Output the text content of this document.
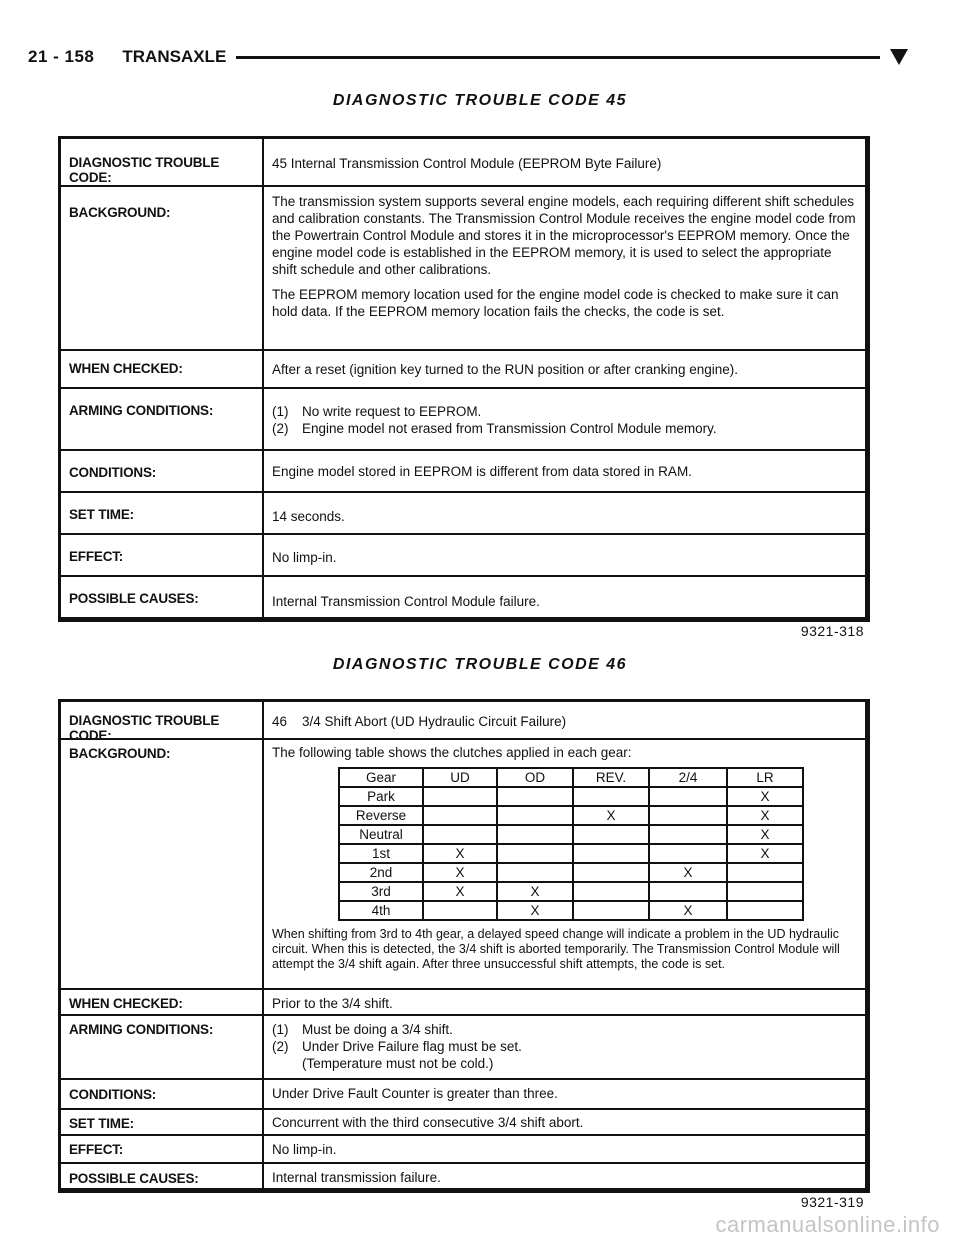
21 - 158 TRANSAXLE
DIAGNOSTIC TROUBLE CODE 45
DIAGNOSTIC TROUBLE CODE:
45 Internal Transmission Control Module (EEPROM Byte Failure)
BACKGROUND:

The transmission system supports several engine models, each requiring different shift schedules and calibration constants. The Transmission Control Module receives the engine model code from the Powertrain Control Module and stores it in the microprocessor's EEPROM memory. Once the engine model code is established in the EEPROM memory, it is used to select the appropriate shift schedule and other calibrations.

The EEPROM memory location used for the engine model code is checked to make sure it can hold data. If the EEPROM memory location fails the checks, the code is set.

WHEN CHECKED:	After a reset (ignition key turned to the RUN position or after cranking engine).
ARMING CONDITIONS:	(1)	No write request to EEPROM.
(2)	Engine model not erased from Transmission Control Module memory.
CONDITIONS:	Engine model stored in EEPROM is different from data stored in RAM.
SET TIME:	14 seconds.
EFFECT:	No limp-in.
POSSIBLE CAUSES:	Internal Transmission Control Module failure.
9321-318
DIAGNOSTIC TROUBLE CODE 46
DIAGNOSTIC TROUBLE CODE:
46    3/4 Shift Abort (UD Hydraulic Circuit Failure)
BACKGROUND:	The following table shows the clutches applied in each gear:
Gear	UD	OD	REV.	2/4	LR
Park					X
Reverse			X		X
Neutral					X
1st	X				X
2nd	X			X	
3rd	X	X			
4th		X		X	
When shifting from 3rd to 4th gear, a delayed speed change will indicate a problem in the UD hydraulic circuit. When this is detected, the 3/4 shift is aborted temporarily. The Transmission Control Module will attempt the 3/4 shift again. After three unsuccessful shift attempts, the code is set.
WHEN CHECKED:	Prior to the 3/4 shift.
ARMING CONDITIONS:	(1)	Must be doing a 3/4 shift.
(2)	Under Drive Failure flag must be set.
(Temperature must not be cold.)
CONDITIONS:	Under Drive Fault Counter is greater than three.
SET TIME:	Concurrent with the third consecutive 3/4 shift abort.
EFFECT:	No limp-in.
POSSIBLE CAUSES:	Internal transmission failure.
9321-319
carmanualsonline.info
